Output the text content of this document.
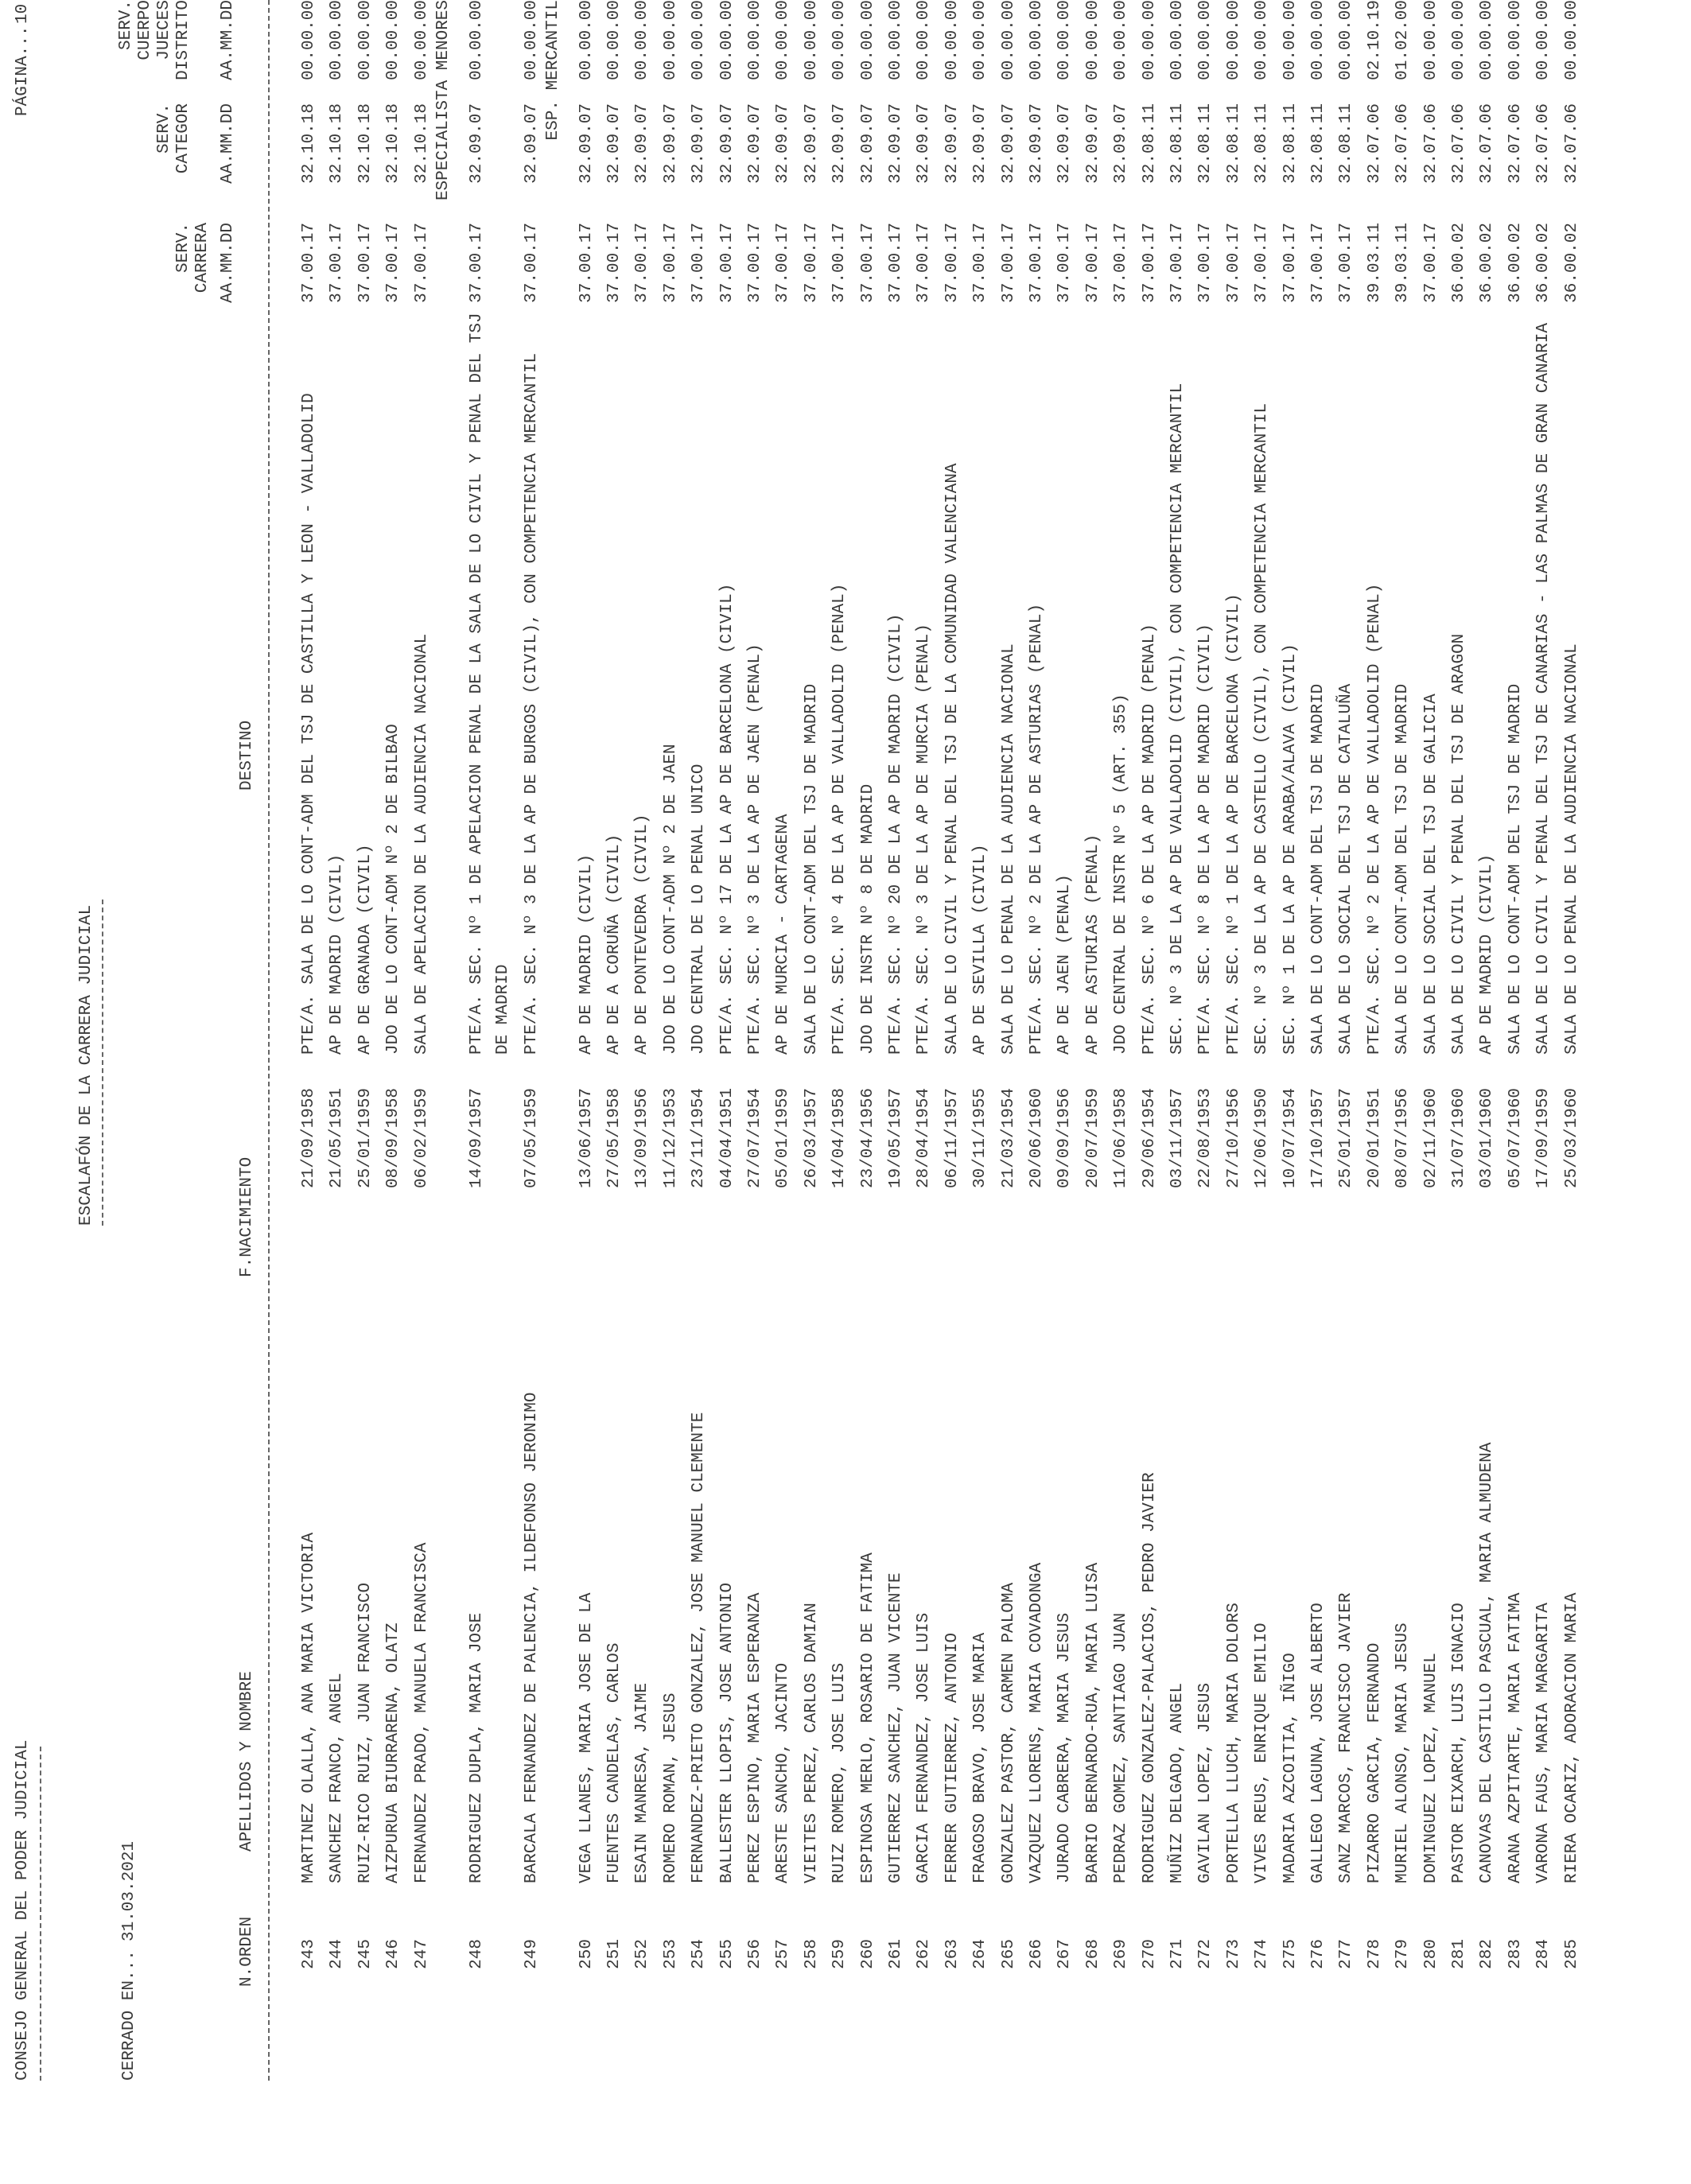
CONSEJO GENERAL DEL PODER JUDICIAL
PÁGINA...
10
ESCALAFÓN DE LA CARRERA JUDICIAL
CERRADO EN...
31.03.2021
SERV. CUERPO
SERV.
SERV.
JUECES
CATEGOR
DISTRITO
CARRERA AA.MM.DD
AA.MM.DD
AA.MM.DD
N.ORDEN
APELLIDOS Y NOMBRE
F.NACIMIENTO
DESTINO
243
MARTINEZ OLALLA, ANA MARIA VICTORIA
21/09/1958
PTE/A. SALA DE LO CONT-ADM DEL TSJ DE CASTILLA Y LEON - VALLADOLID
37.00.17
32.10.18
00.00.00
244
SANCHEZ FRANCO, ANGEL
21/05/1951
AP DE MADRID (CIVIL)
37.00.17
32.10.18
00.00.00
245
RUIZ-RICO RUIZ, JUAN FRANCISCO
25/01/1959
AP DE GRANADA (CIVIL)
37.00.17
32.10.18
00.00.00
246
AIZPURUA BIURRARENA, OLATZ
08/09/1958
JDO DE LO CONT-ADM Nº 2 DE BILBAO
37.00.17
32.10.18
00.00.00
247
FERNANDEZ PRADO, MANUELA FRANCISCA
06/02/1959
SALA DE APELACION DE LA AUDIENCIA NACIONAL
37.00.17
32.10.18
00.00.00 ESPECIALISTA MENORES
248
RODRIGUEZ DUPLA, MARIA JOSE
14/09/1957
PTE/A. SEC. Nº 1 DE APELACION PENAL DE LA SALA DE LO CIVIL Y PENAL DEL TSJ
37.00.17
32.09.07
00.00.00
DE MADRID
249
BARCALA FERNANDEZ DE PALENCIA, ILDEFONSO JERONIMO
07/05/1959
PTE/A. SEC. Nº 3 DE LA AP DE BURGOS (CIVIL), CON COMPETENCIA MERCANTIL
37.00.17
32.09.07
00.00.00 ESP. MERCANTIL
250
VEGA LLANES, MARIA JOSE DE LA
13/06/1957
AP DE MADRID (CIVIL)
37.00.17
32.09.07
00.00.00
251
FUENTES CANDELAS, CARLOS
27/05/1958
AP DE A CORUÑA (CIVIL)
37.00.17
32.09.07
00.00.00
252
ESAIN MANRESA, JAIME
13/09/1956
AP DE PONTEVEDRA (CIVIL)
37.00.17
32.09.07
00.00.00
253
ROMERO ROMAN, JESUS
11/12/1953
JDO DE LO CONT-ADM Nº 2 DE JAEN
37.00.17
32.09.07
00.00.00
254
FERNANDEZ-PRIETO GONZALEZ, JOSE MANUEL CLEMENTE
23/11/1954
JDO CENTRAL DE LO PENAL UNICO
37.00.17
32.09.07
00.00.00
255
BALLESTER LLOPIS, JOSE ANTONIO
04/04/1951
PTE/A. SEC. Nº 17 DE LA AP DE BARCELONA (CIVIL)
37.00.17
32.09.07
00.00.00
256
PEREZ ESPINO, MARIA ESPERANZA
27/07/1954
PTE/A. SEC. Nº 3 DE LA AP DE JAEN (PENAL)
37.00.17
32.09.07
00.00.00
257
ARESTE SANCHO, JACINTO
05/01/1959
AP DE MURCIA - CARTAGENA
37.00.17
32.09.07
00.00.00
258
VIEITES PEREZ, CARLOS DAMIAN
26/03/1957
SALA DE LO CONT-ADM DEL TSJ DE MADRID
37.00.17
32.09.07
00.00.00
259
RUIZ ROMERO, JOSE LUIS
14/04/1958
PTE/A. SEC. Nº 4 DE LA AP DE VALLADOLID (PENAL)
37.00.17
32.09.07
00.00.00
260
ESPINOSA MERLO, ROSARIO DE FATIMA
23/04/1956
JDO DE INSTR Nº 8 DE MADRID
37.00.17
32.09.07
00.00.00
261
GUTIERREZ SANCHEZ, JUAN VICENTE
19/05/1957
PTE/A. SEC. Nº 20 DE LA AP DE MADRID (CIVIL)
37.00.17
32.09.07
00.00.00
262
GARCIA FERNANDEZ, JOSE LUIS
28/04/1954
PTE/A. SEC. Nº 3 DE LA AP DE MURCIA (PENAL)
37.00.17
32.09.07
00.00.00
263
FERRER GUTIERREZ, ANTONIO
06/11/1957
SALA DE LO CIVIL Y PENAL DEL TSJ DE LA COMUNIDAD VALENCIANA
37.00.17
32.09.07
00.00.00
264
FRAGOSO BRAVO, JOSE MARIA
30/11/1955
AP DE SEVILLA (CIVIL)
37.00.17
32.09.07
00.00.00
265
GONZALEZ PASTOR, CARMEN PALOMA
21/03/1954
SALA DE LO PENAL DE LA AUDIENCIA NACIONAL
37.00.17
32.09.07
00.00.00
266
VAZQUEZ LLORENS, MARIA COVADONGA
20/06/1960
PTE/A. SEC. Nº 2 DE LA AP DE ASTURIAS (PENAL)
37.00.17
32.09.07
00.00.00
267
JURADO CABRERA, MARIA JESUS
09/09/1956
AP DE JAEN (PENAL)
37.00.17
32.09.07
00.00.00
268
BARRIO BERNARDO-RUA, MARIA LUISA
20/07/1959
AP DE ASTURIAS (PENAL)
37.00.17
32.09.07
00.00.00
269
PEDRAZ GOMEZ, SANTIAGO JUAN
11/06/1958
JDO CENTRAL DE INSTR Nº 5 (ART. 355)
37.00.17
32.09.07
00.00.00
270
RODRIGUEZ GONZALEZ-PALACIOS, PEDRO JAVIER
29/06/1954
PTE/A. SEC. Nº 6 DE LA AP DE MADRID (PENAL)
37.00.17
32.08.11
00.00.00
271
MUÑIZ DELGADO, ANGEL
03/11/1957
SEC. Nº 3 DE LA AP DE VALLADOLID (CIVIL), CON COMPETENCIA MERCANTIL
37.00.17
32.08.11
00.00.00
272
GAVILAN LOPEZ, JESUS
22/08/1953
PTE/A. SEC. Nº 8 DE LA AP DE MADRID (CIVIL)
37.00.17
32.08.11
00.00.00
273
PORTELLA LLUCH, MARIA DOLORS
27/10/1956
PTE/A. SEC. Nº 1 DE LA AP DE BARCELONA (CIVIL)
37.00.17
32.08.11
00.00.00
274
VIVES REUS, ENRIQUE EMILIO
12/06/1950
SEC. Nº 3 DE LA AP DE CASTELLO (CIVIL), CON COMPETENCIA MERCANTIL
37.00.17
32.08.11
00.00.00
275
MADARIA AZCOITIA, IÑIGO
10/07/1954
SEC. Nº 1 DE LA AP DE ARABA/ALAVA (CIVIL)
37.00.17
32.08.11
00.00.00
276
GALLEGO LAGUNA, JOSE ALBERTO
17/10/1957
SALA DE LO CONT-ADM DEL TSJ DE MADRID
37.00.17
32.08.11
00.00.00
277
SANZ MARCOS, FRANCISCO JAVIER
25/01/1957
SALA DE LO SOCIAL DEL TSJ DE CATALUÑA
37.00.17
32.08.11
00.00.00
278
PIZARRO GARCIA, FERNANDO
20/01/1951
PTE/A. SEC. Nº 2 DE LA AP DE VALLADOLID (PENAL)
39.03.11
32.07.06
02.10.19
279
MURIEL ALONSO, MARIA JESUS
08/07/1956
SALA DE LO CONT-ADM DEL TSJ DE MADRID
39.03.11
32.07.06
01.02.00
280
DOMINGUEZ LOPEZ, MANUEL
02/11/1960
SALA DE LO SOCIAL DEL TSJ DE GALICIA
37.00.17
32.07.06
00.00.00
281
PASTOR EIXARCH, LUIS IGNACIO
31/07/1960
SALA DE LO CIVIL Y PENAL DEL TSJ DE ARAGON
36.00.02
32.07.06
00.00.00
282
CANOVAS DEL CASTILLO PASCUAL, MARIA ALMUDENA
03/01/1960
AP DE MADRID (CIVIL)
36.00.02
32.07.06
00.00.00
283
ARANA AZPITARTE, MARIA FATIMA
05/07/1960
SALA DE LO CONT-ADM DEL TSJ DE MADRID
36.00.02
32.07.06
00.00.00
284
VARONA FAUS, MARIA MARGARITA
17/09/1959
SALA DE LO CIVIL Y PENAL DEL TSJ DE CANARIAS - LAS PALMAS DE GRAN CANARIA
36.00.02
32.07.06
00.00.00
285
RIERA OCARIZ, ADORACION MARIA
25/03/1960
SALA DE LO PENAL DE LA AUDIENCIA NACIONAL
36.00.02
32.07.06
00.00.00
